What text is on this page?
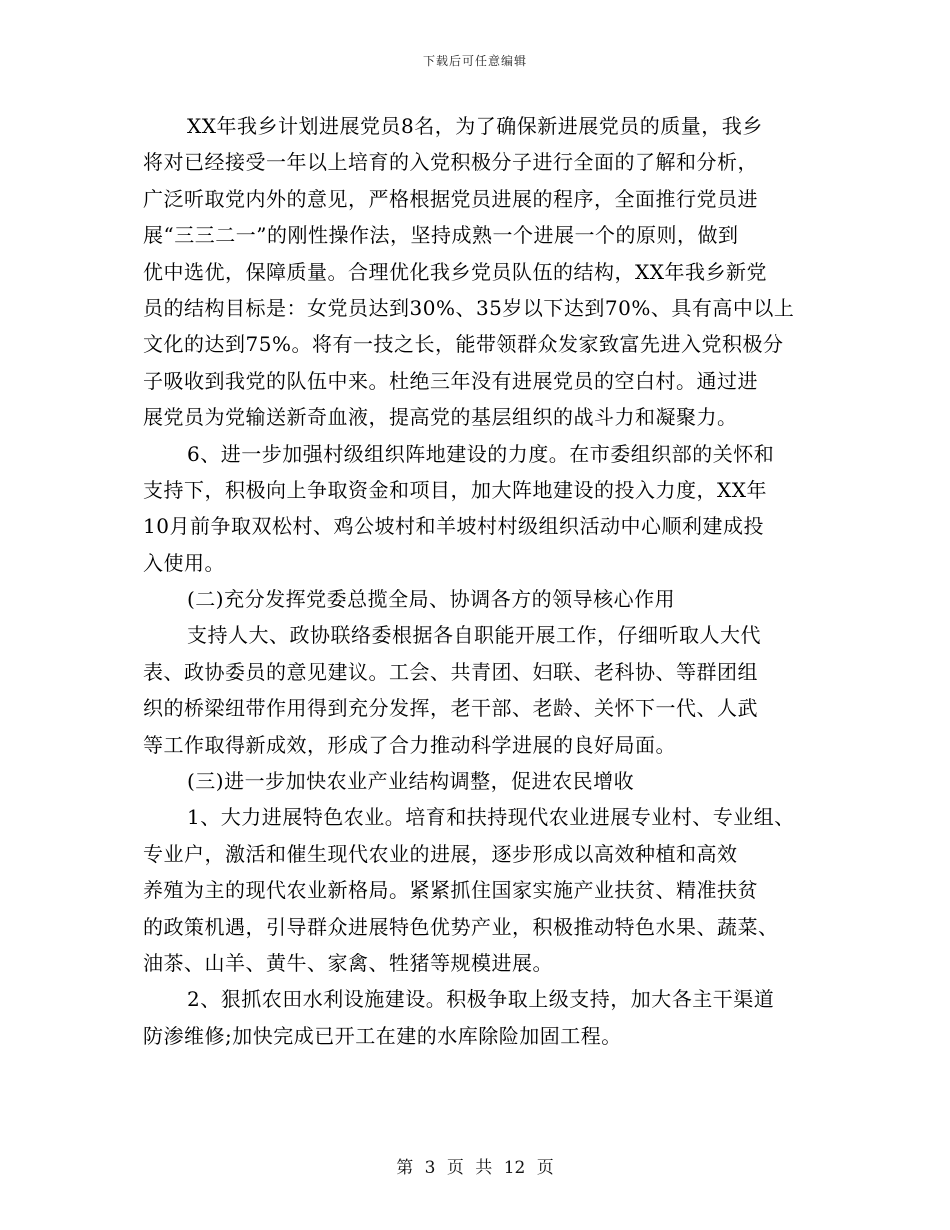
下载后可任意编辑
XX年我乡计划进展党员8名，为了确保新进展党员的质量，我乡
将对已经接受一年以上培育的入党积极分子进行全面的了解和分析，
广泛听取党内外的意见，严格根据党员进展的程序，全面推行党员进
展“三三二一”的刚性操作法，坚持成熟一个进展一个的原则，做到
优中选优，保障质量。合理优化我乡党员队伍的结构，XX年我乡新党
员的结构目标是：女党员达到30%、35岁以下达到70%、具有高中以上
文化的达到75%。将有一技之长，能带领群众发家致富先进入党积极分
子吸收到我党的队伍中来。杜绝三年没有进展党员的空白村。通过进
展党员为党输送新奇血液，提高党的基层组织的战斗力和凝聚力。
6、进一步加强村级组织阵地建设的力度。在市委组织部的关怀和
支持下，积极向上争取资金和项目，加大阵地建设的投入力度，XX年
10月前争取双松村、鸡公坡村和羊坡村村级组织活动中心顺利建成投
入使用。
(二)充分发挥党委总揽全局、协调各方的领导核心作用
支持人大、政协联络委根据各自职能开展工作，仔细听取人大代
表、政协委员的意见建议。工会、共青团、妇联、老科协、等群团组
织的桥梁纽带作用得到充分发挥，老干部、老龄、关怀下一代、人武
等工作取得新成效，形成了合力推动科学进展的良好局面。
(三)进一步加快农业产业结构调整，促进农民增收
1、大力进展特色农业。培育和扶持现代农业进展专业村、专业组、
专业户，激活和催生现代农业的进展，逐步形成以高效种植和高效
养殖为主的现代农业新格局。紧紧抓住国家实施产业扶贫、精准扶贫
的政策机遇，引导群众进展特色优势产业，积极推动特色水果、蔬菜、
油茶、山羊、黄牛、家禽、牲猪等规模进展。
2、狠抓农田水利设施建设。积极争取上级支持，加大各主干渠道
防渗维修;加快完成已开工在建的水库除险加固工程。
第 3 页 共 12 页
